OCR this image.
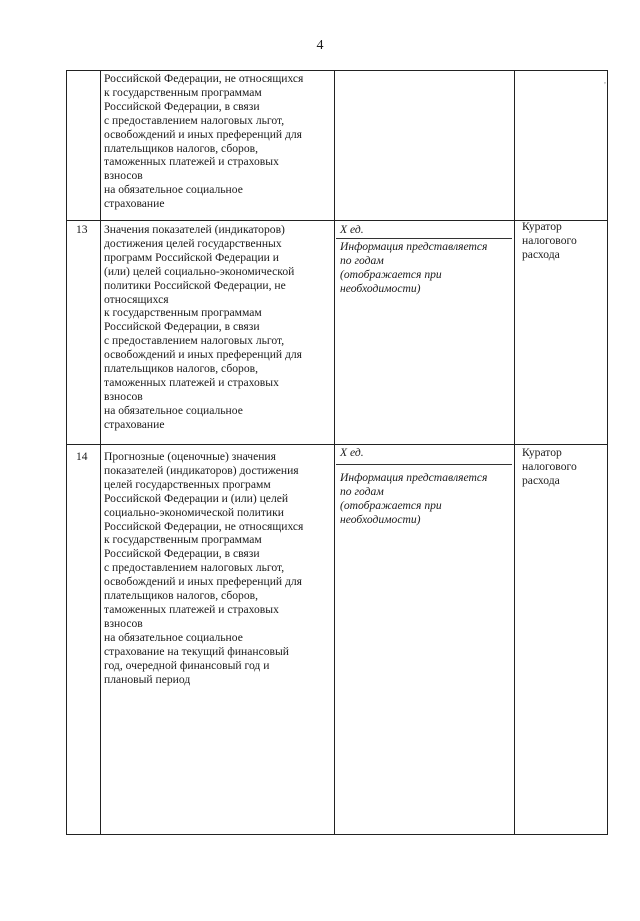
4
Российской Федерации, не относящихся
к государственным программам
Российской Федерации, в связи
с предоставлением налоговых льгот,
освобождений и иных преференций для
плательщиков налогов, сборов,
таможенных платежей и страховых
взносов
на обязательное социальное
страхование
,
13 Значения показателей (индикаторов)
достижения целей государственных
программ Российской Федерации и
(или) целей социально-экономической
политики Российской Федерации, не
относящихся
к государственным программам
Российской Федерации, в связи
с предоставлением налоговых льгот,
освобождений и иных преференций для
плательщиков налогов, сборов,
таможенных платежей и страховых
взносов
на обязательное социальное
страхование
X ед.
Информация представляется
по годам
(отображается при
необходимости)
Куратор
налогового
расхода
14 Прогнозные (оценочные) значения
показателей (индикаторов) достижения
целей государственных программ
Российской Федерации и (или) целей
социально-экономической политики
Российской Федерации, не относящихся
к государственным программам
Российской Федерации, в связи
с предоставлением налоговых льгот,
освобождений и иных преференций для
плательщиков налогов, сборов,
таможенных платежей и страховых
взносов
на обязательное социальное
страхование на текущий финансовый
год, очередной финансовый год и
плановый период
X ед.
Информация представляется
по годам
(отображается при
необходимости)
Куратор
налогового
расхода
